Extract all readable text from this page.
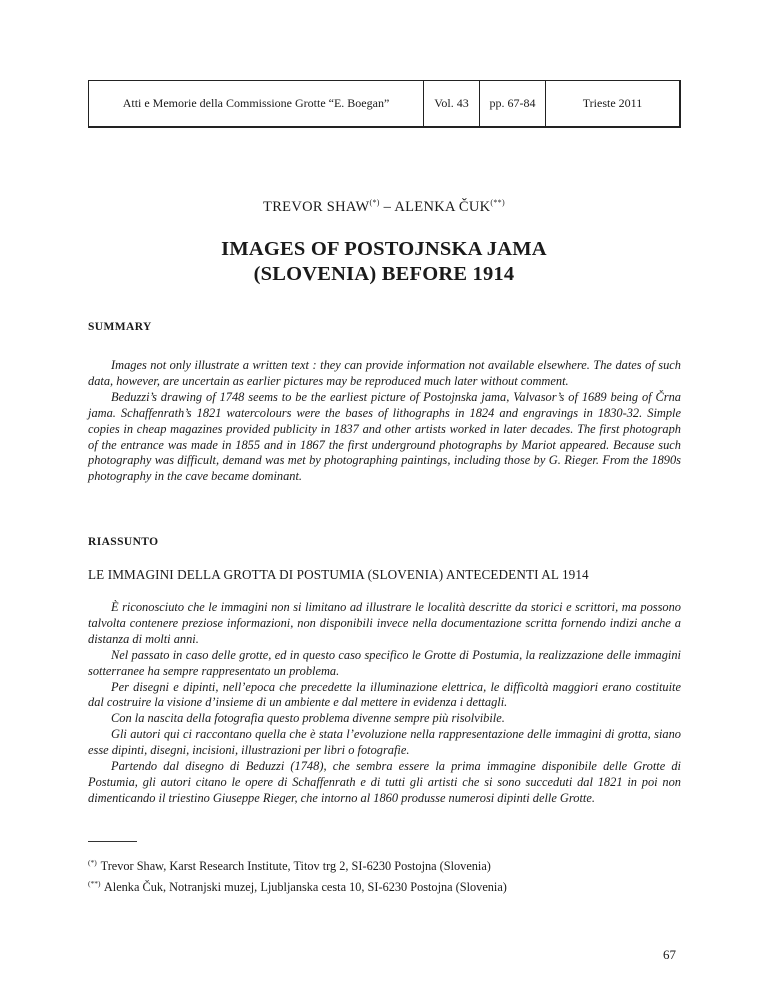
Atti e Memorie della Commissione Grotte “E. Boegan”	Vol. 43	pp. 67-84	Trieste 2011
TREVOR SHAW(*) – ALENKA ČUK(**)
IMAGES OF POSTOJNSKA JAMA
(SLOVENIA) BEFORE 1914
SUMMARY

Images not only illustrate a written text : they can provide information not available elsewhere. The dates of such data, however, are uncertain as earlier pictures may be reproduced much later without comment.

Beduzzi’s drawing of 1748 seems to be the earliest picture of Postojnska jama, Valvasor’s of 1689 being of Črna jama. Schaffenrath’s 1821 watercolours were the bases of lithographs in 1824 and engravings in 1830-32. Simple copies in cheap magazines provided publicity in 1837 and other artists worked in later decades. The first photograph of the entrance was made in 1855 and in 1867 the first underground photographs by Mariot appeared. Because such photography was difficult, demand was met by photographing paintings, including those by G. Rieger. From the 1890s photography in the cave became dominant.

RIASSUNTO
LE IMMAGINI DELLA GROTTA DI POSTUMIA (SLOVENIA) ANTECEDENTI AL 1914

È riconosciuto che le immagini non si limitano ad illustrare le località descritte da storici e scrittori, ma possono talvolta contenere preziose informazioni, non disponibili invece nella documentazione scritta fornendo indizi anche a distanza di molti anni.

Nel passato in caso delle grotte, ed in questo caso specifico le Grotte di Postumia, la realizzazione delle immagini sotterranee ha sempre rappresentato un problema.

Per disegni e dipinti, nell’epoca che precedette la illuminazione elettrica, le difficoltà maggiori erano costituite dal costruire la visione d’insieme di un ambiente e dal mettere in evidenza i dettagli.

Con la nascita della fotografia questo problema divenne sempre più risolvibile.

Gli autori qui ci raccontano quella che è stata l’evoluzione nella rappresentazione delle immagini di grotta, siano esse dipinti, disegni, incisioni, illustrazioni per libri o fotografie.

Partendo dal disegno di Beduzzi (1748), che sembra essere la prima immagine disponibile delle Grotte di Postumia, gli autori citano le opere di Schaffenrath e di tutti gli artisti che si sono succeduti dal 1821 in poi non dimenticando il triestino Giuseppe Rieger, che intorno al 1860 produsse numerosi dipinti delle Grotte.

(*) Trevor Shaw, Karst Research Institute, Titov trg 2, SI-6230 Postojna (Slovenia)
(**) Alenka Čuk, Notranjski muzej, Ljubljanska cesta 10, SI-6230 Postojna (Slovenia)
67
